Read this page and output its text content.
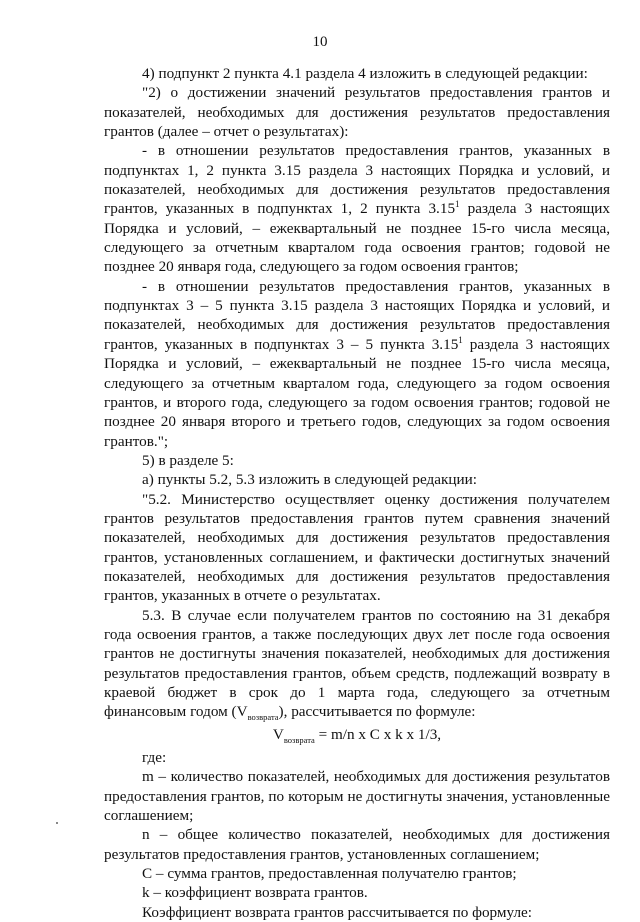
10

4) подпункт 2 пункта 4.1 раздела 4 изложить в следующей редакции:

"2) о достижении значений результатов предоставления грантов и показателей, необходимых для достижения результатов предоставления грантов (далее – отчет о результатах):

- в отношении результатов предоставления грантов, указанных в подпунктах 1, 2 пункта 3.15 раздела 3 настоящих Порядка и условий, и показателей, необходимых для достижения результатов предоставления грантов, указанных в подпунктах 1, 2 пункта 3.15$^1$ раздела 3 настоящих Порядка и условий, – ежеквартальный не позднее 15-го числа месяца, следующего за отчетным кварталом года освоения грантов; годовой не позднее 20 января года, следующего за годом освоения грантов;

- в отношении результатов предоставления грантов, указанных в подпунктах 3 – 5 пункта 3.15 раздела 3 настоящих Порядка и условий, и показателей, необходимых для достижения результатов предоставления грантов, указанных в подпунктах 3 – 5 пункта 3.15$^1$ раздела 3 настоящих Порядка и условий, – ежеквартальный не позднее 15-го числа месяца, следующего за отчетным кварталом года, следующего за годом освоения грантов, и второго года, следующего за годом освоения грантов; годовой не позднее 20 января второго и третьего годов, следующих за годом освоения грантов.";

5) в разделе 5:

а) пункты 5.2, 5.3 изложить в следующей редакции:

"5.2. Министерство осуществляет оценку достижения получателем грантов результатов предоставления грантов путем сравнения значений показателей, необходимых для достижения результатов предоставления грантов, установленных соглашением, и фактически достигнутых значений показателей, необходимых для достижения результатов предоставления грантов, указанных в отчете о результатах.

5.3. В случае если получателем грантов по состоянию на 31 декабря года освоения грантов, а также последующих двух лет после года освоения грантов не достигнуты значения показателей, необходимых для достижения результатов предоставления грантов, объем средств, подлежащий возврату в краевой бюджет в срок до 1 марта года, следующего за отчетным финансовым годом $(V_{возврата})$, рассчитывается по формуле:

$V_{возврата} = m/n$ x C x k x 1/3,

где:

m – количество показателей, необходимых для достижения результатов предоставления грантов, по которым не достигнуты значения, установленные соглашением;

n – общее количество показателей, необходимых для достижения результатов предоставления грантов, установленных соглашением;

C – сумма грантов, предоставленная получателю грантов;

k – коэффициент возврата грантов.

Коэффициент возврата грантов рассчитывается по формуле:
